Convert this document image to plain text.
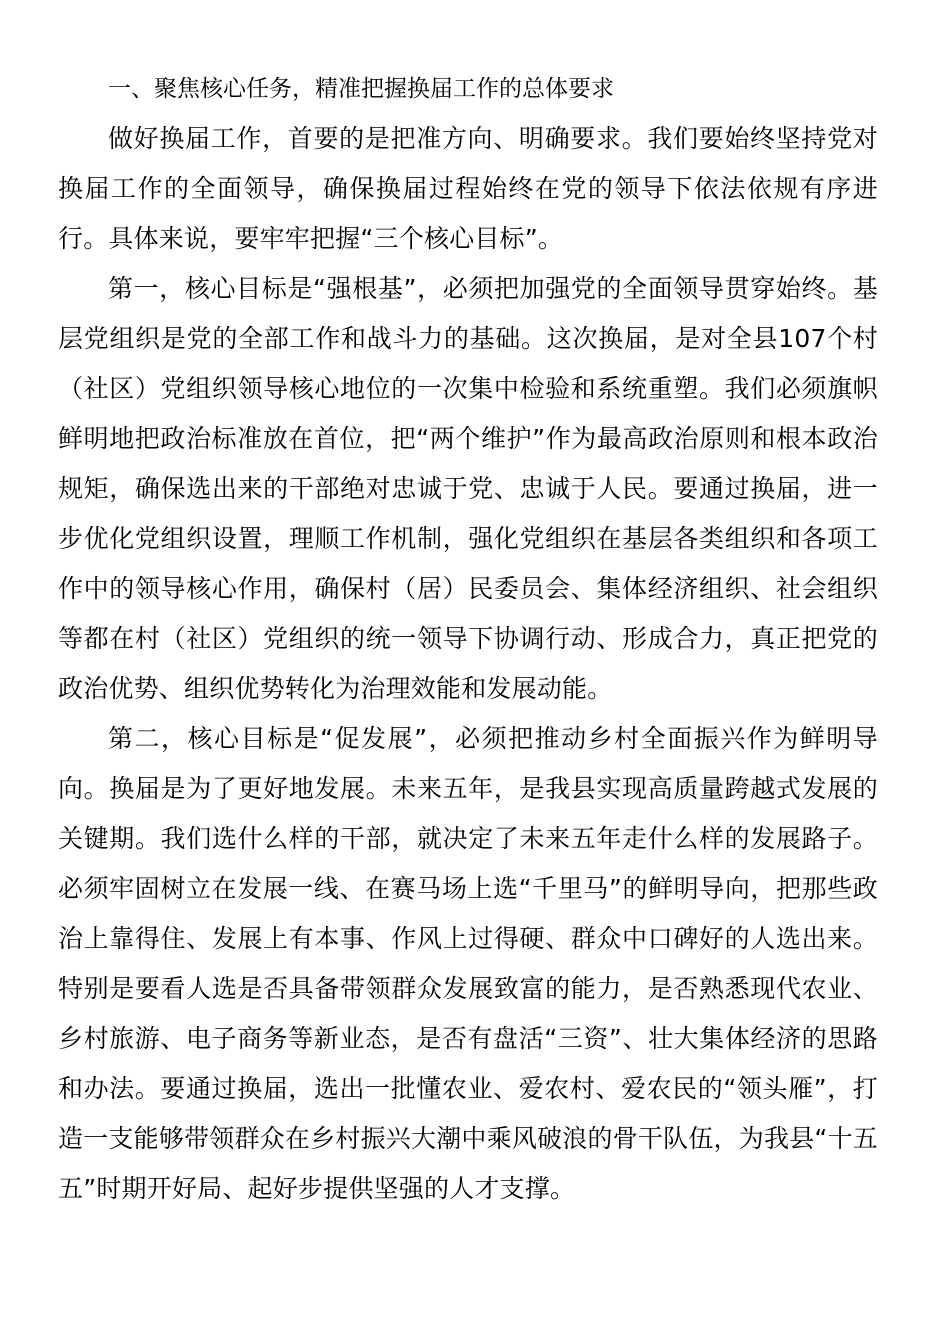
一、聚焦核心任务，精准把握换届工作的总体要求

做好换届工作，首要的是把准方向、明确要求。我们要始终坚持党对换届工作的全面领导，确保换届过程始终在党的领导下依法依规有序进行。具体来说，要牢牢把握“三个核心目标”。

第一，核心目标是“强根基”，必须把加强党的全面领导贯穿始终。基层党组织是党的全部工作和战斗力的基础。这次换届，是对全县107个村（社区）党组织领导核心地位的一次集中检验和系统重塑。我们必须旗帜鲜明地把政治标准放在首位，把“两个维护”作为最高政治原则和根本政治规矩，确保选出来的干部绝对忠诚于党、忠诚于人民。要通过换届，进一步优化党组织设置，理顺工作机制，强化党组织在基层各类组织和各项工作中的领导核心作用，确保村（居）民委员会、集体经济组织、社会组织等都在村（社区）党组织的统一领导下协调行动、形成合力，真正把党的政治优势、组织优势转化为治理效能和发展动能。

第二，核心目标是“促发展”，必须把推动乡村全面振兴作为鲜明导向。换届是为了更好地发展。未来五年，是我县实现高质量跨越式发展的关键期。我们选什么样的干部，就决定了未来五年走什么样的发展路子。必须牢固树立在发展一线、在赛马场上选“千里马”的鲜明导向，把那些政治上靠得住、发展上有本事、作风上过得硬、群众中口碑好的人选出来。特别是要看人选是否具备带领群众发展致富的能力，是否熟悉现代农业、乡村旅游、电子商务等新业态，是否有盘活“三资”、壮大集体经济的思路和办法。要通过换届，选出一批懂农业、爱农村、爱农民的“领头雁”，打造一支能够带领群众在乡村振兴大潮中乘风破浪的骨干队伍，为我县“十五五”时期开好局、起好步提供坚强的人才支撑。
